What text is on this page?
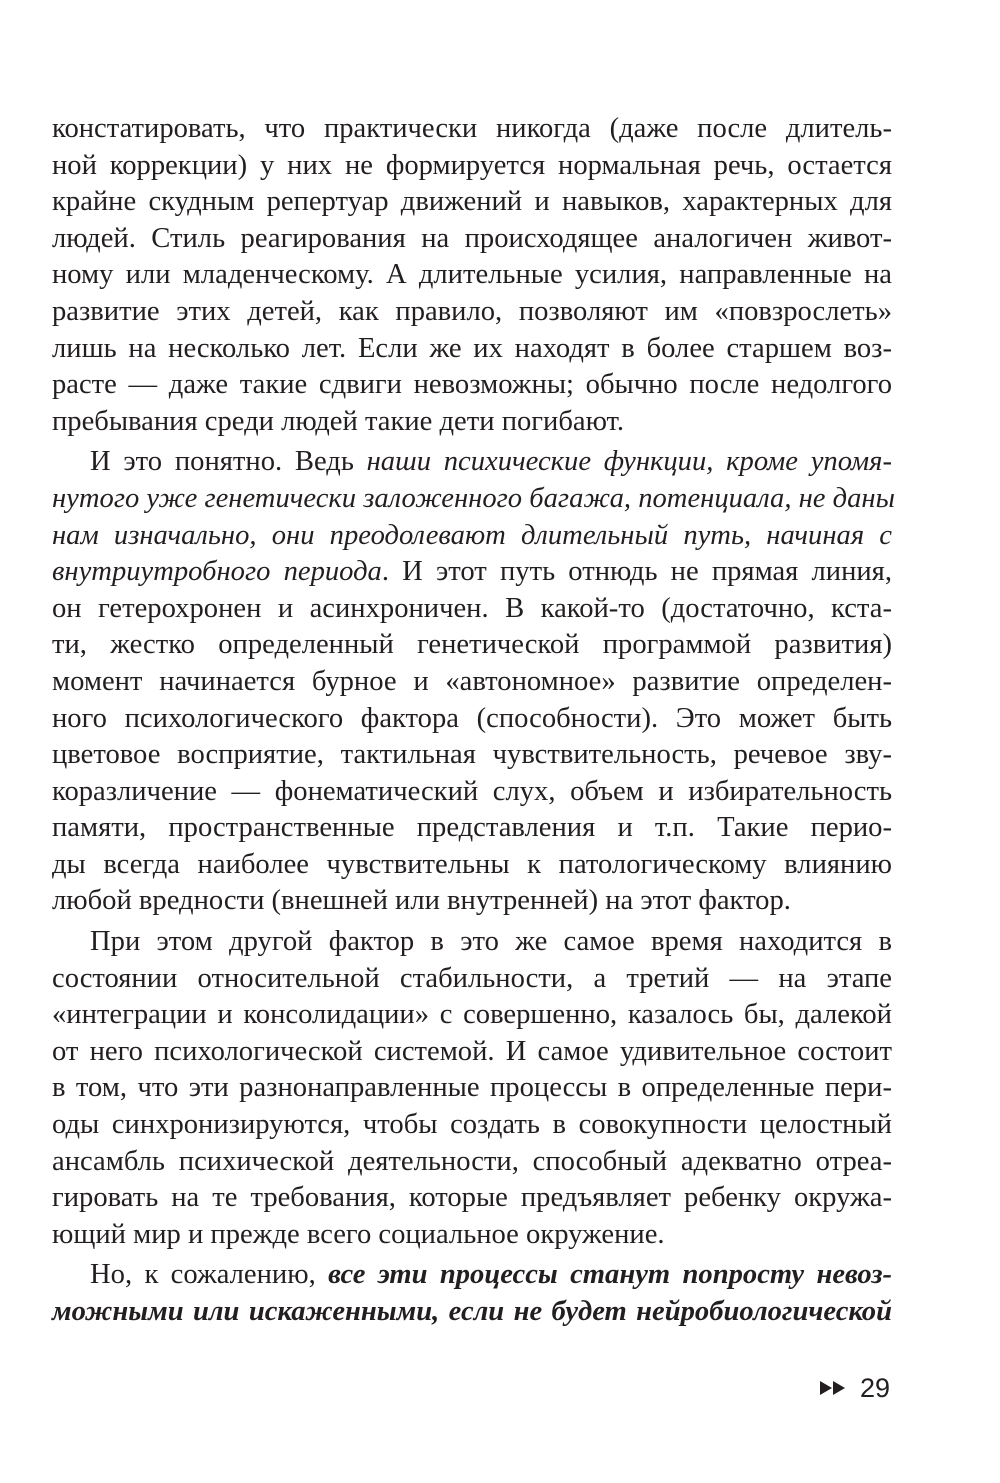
констатировать, что практически никогда (даже после длитель-
ной коррекции) у них не формируется нормальная речь, остается
крайне скудным репертуар движений и навыков, характерных для
людей. Стиль реагирования на происходящее аналогичен живот-
ному или младенческому. А длительные усилия, направленные на
развитие этих детей, как правило, позволяют им «повзрослеть»
лишь на несколько лет. Если же их находят в более старшем воз-
расте — даже такие сдвиги невозможны; обычно после недолгого
пребывания среди людей такие дети погибают.

И это понятно. Ведь наши психические функции, кроме упомя-
нутого уже генетически заложенного багажа, потенциала, не даны
нам изначально, они преодолевают длительный путь, начиная с
внутриутробного периода. И этот путь отнюдь не прямая линия,
он гетерохронен и асинхроничен. В какой-то (достаточно, кста-
ти, жестко определенный генетической программой развития)
момент начинается бурное и «автономное» развитие определен-
ного психологического фактора (способности). Это может быть
цветовое восприятие, тактильная чувствительность, речевое зву-
коразличение — фонематический слух, объем и избирательность
памяти, пространственные представления и т.п. Такие перио-
ды всегда наиболее чувствительны к патологическому влиянию
любой вредности (внешней или внутренней) на этот фактор.

При этом другой фактор в это же самое время находится в
состоянии относительной стабильности, а третий — на этапе
«интеграции и консолидации» с совершенно, казалось бы, далекой
от него психологической системой. И самое удивительное состоит
в том, что эти разнонаправленные процессы в определенные пери-
оды синхронизируются, чтобы создать в совокупности целостный
ансамбль психической деятельности, способный адекватно отреа-
гировать на те требования, которые предъявляет ребенку окружа-
ющий мир и прежде всего социальное окружение.

Но, к сожалению, все эти процессы станут попросту невоз-
можными или искаженными, если не будет нейробиологической

29
